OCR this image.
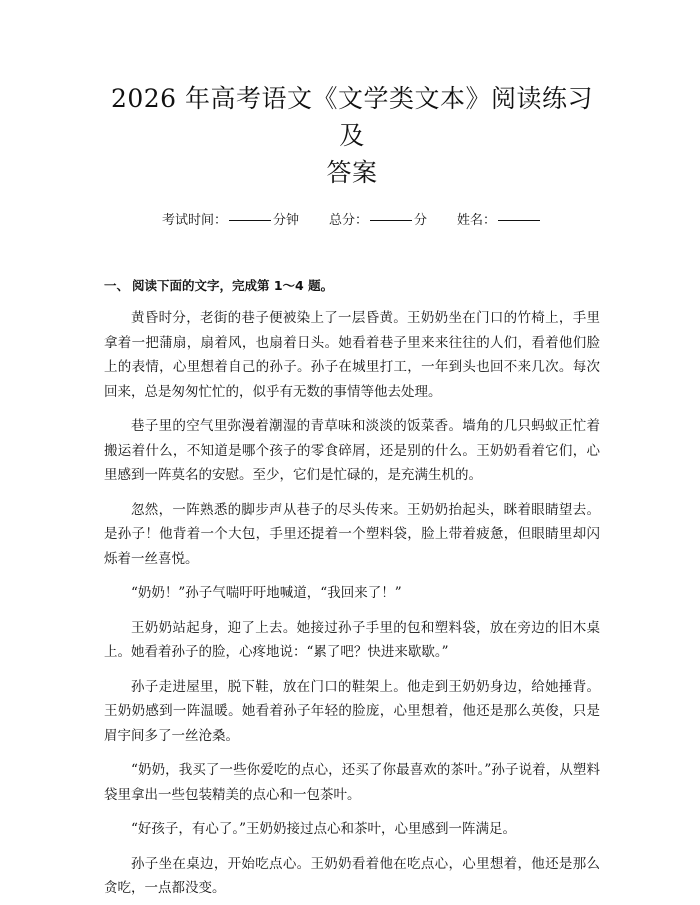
2026 年高考语文《文学类文本》阅读练习及
答案
考试时间：	分钟 总分：	分 姓名：
一、 阅读下面的文字，完成第 1～4 题。

黄昏时分，老街的巷子便被染上了一层昏黄。王奶奶坐在门口的竹椅上，手里拿着一把蒲扇，扇着风，也扇着日头。她看着巷子里来来往往的人们，看着他们脸上的表情，心里想着自己的孙子。孙子在城里打工，一年到头也回不来几次。每次回来，总是匆匆忙忙的，似乎有无数的事情等他去处理。

巷子里的空气里弥漫着潮湿的青草味和淡淡的饭菜香。墙角的几只蚂蚁正忙着搬运着什么，不知道是哪个孩子的零食碎屑，还是别的什么。王奶奶看着它们，心里感到一阵莫名的安慰。至少，它们是忙碌的，是充满生机的。

忽然，一阵熟悉的脚步声从巷子的尽头传来。王奶奶抬起头，眯着眼睛望去。是孙子！他背着一个大包，手里还提着一个塑料袋，脸上带着疲惫，但眼睛里却闪烁着一丝喜悦。

“奶奶！”孙子气喘吁吁地喊道，“我回来了！”

王奶奶站起身，迎了上去。她接过孙子手里的包和塑料袋，放在旁边的旧木桌上。她看着孙子的脸，心疼地说：“累了吧？快进来歇歇。”

孙子走进屋里，脱下鞋，放在门口的鞋架上。他走到王奶奶身边，给她捶背。王奶奶感到一阵温暖。她看着孙子年轻的脸庞，心里想着，他还是那么英俊，只是眉宇间多了一丝沧桑。

“奶奶，我买了一些你爱吃的点心，还买了你最喜欢的茶叶。”孙子说着，从塑料袋里拿出一些包装精美的点心和一包茶叶。

“好孩子，有心了。”王奶奶接过点心和茶叶，心里感到一阵满足。

孙子坐在桌边，开始吃点心。王奶奶看着他在吃点心，心里想着，他还是那么贪吃，一点都没变。
